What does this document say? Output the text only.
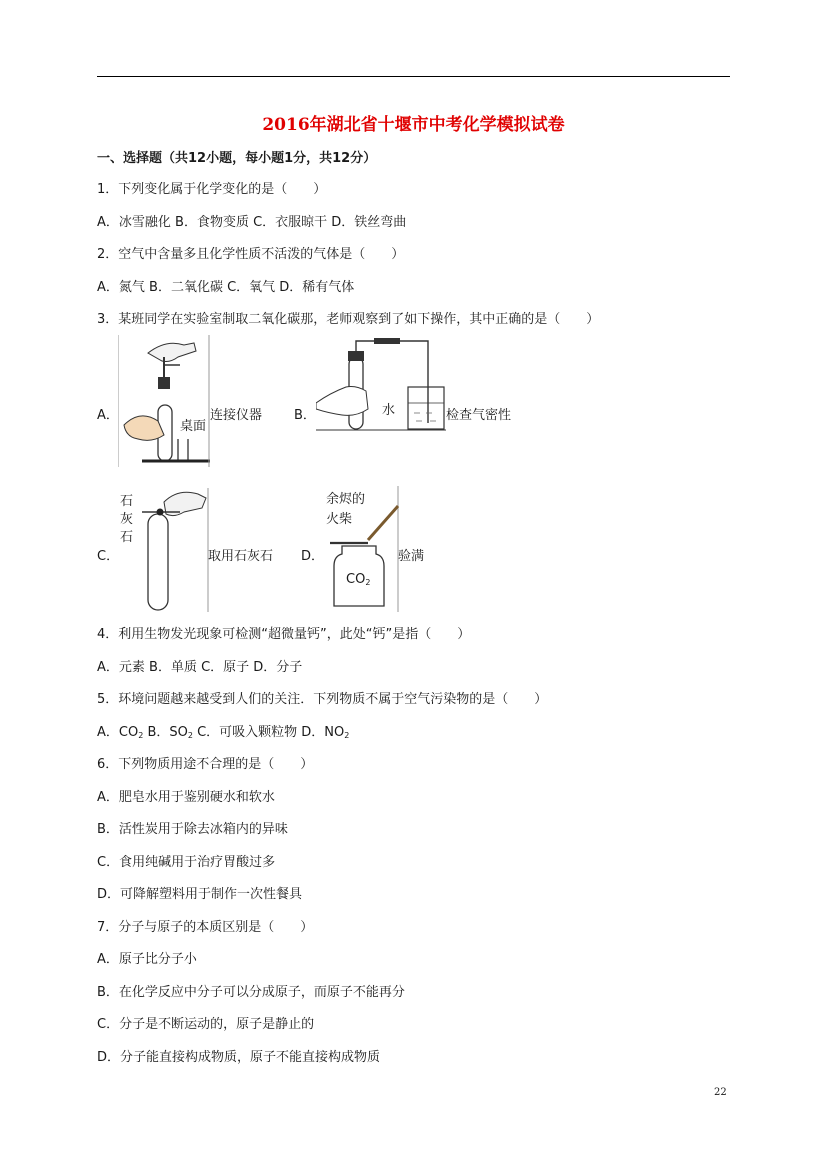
2016年湖北省十堰市中考化学模拟试卷
一、选择题（共12小题，每小题1分，共12分）
1．下列变化属于化学变化的是（　　）
A．冰雪融化 B．食物变质 C．衣服晾干 D．铁丝弯曲
2．空气中含量多且化学性质不活泼的气体是（　　）
A．氮气 B．二氧化碳 C．氧气 D．稀有气体
3．某班同学在实验室制取二氧化碳那，老师观察到了如下操作，其中正确的是（　　）
A．
桌面
连接仪器 B．	水	检查气密性
C．
石
灰
石
取用石灰石 D．
余烬的
火柴
$CO_2$
验满
4．利用生物发光现象可检测“超微量钙”，此处“钙”是指（　　）
A．元素 B．单质 C．原子 D．分子
5．环境问题越来越受到人们的关注．下列物质不属于空气污染物的是（　　）
A．$CO_2$ B．$SO_2$ C．可吸入颗粒物 D．$NO_2$
6．下列物质用途不合理的是（　　）
A．肥皂水用于鉴别硬水和软水
B．活性炭用于除去冰箱内的异味
C．食用纯碱用于治疗胃酸过多
D．可降解塑料用于制作一次性餐具
7．分子与原子的本质区别是（　　）
A．原子比分子小
B．在化学反应中分子可以分成原子，而原子不能再分
C．分子是不断运动的，原子是静止的
D．分子能直接构成物质，原子不能直接构成物质
22
